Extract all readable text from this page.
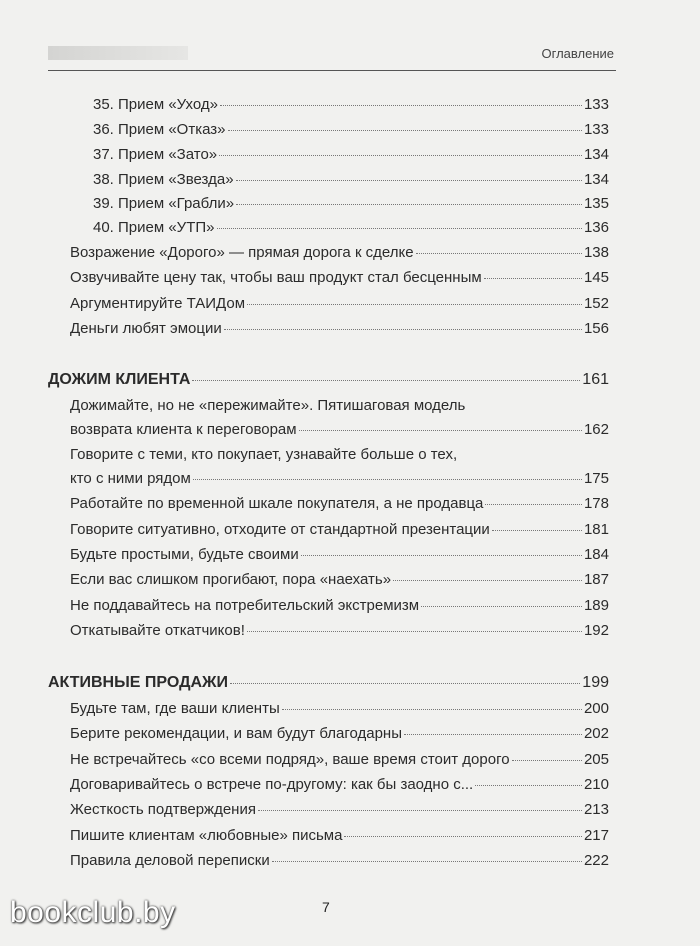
Оглавление
35. Прием «Уход»	133
36. Прием «Отказ»	133
37. Прием «Зато»	134
38. Прием «Звезда»	134
39. Прием «Грабли»	135
40. Прием «УТП»	136
Возражение «Дорого» — прямая дорога к сделке	138
Озвучивайте цену так, чтобы ваш продукт стал бесценным	145
Аргументируйте ТАИДом	152
Деньги любят эмоции	156
ДОЖИМ КЛИЕНТА	161
Дожимайте, но не «пережимайте». Пятишаговая модель
возврата клиента к переговорам	162
Говорите с теми, кто покупает, узнавайте больше о тех,
кто с ними рядом	175
Работайте по временной шкале покупателя, а не продавца	178
Говорите ситуативно, отходите от стандартной презентации	181
Будьте простыми, будьте своими	184
Если вас слишком прогибают, пора «наехать»	187
Не поддавайтесь на потребительский экстремизм	189
Откатывайте откатчиков!	192
АКТИВНЫЕ ПРОДАЖИ	199
Будьте там, где ваши клиенты	200
Берите рекомендации, и вам будут благодарны	202
Не встречайтесь «со всеми подряд», ваше время стоит дорого	205
Договаривайтесь о встрече по-другому: как бы заодно с...	210
Жесткость подтверждения	213
Пишите клиентам «любовные» письма	217
Правила деловой переписки	222
7
bookclub.by
